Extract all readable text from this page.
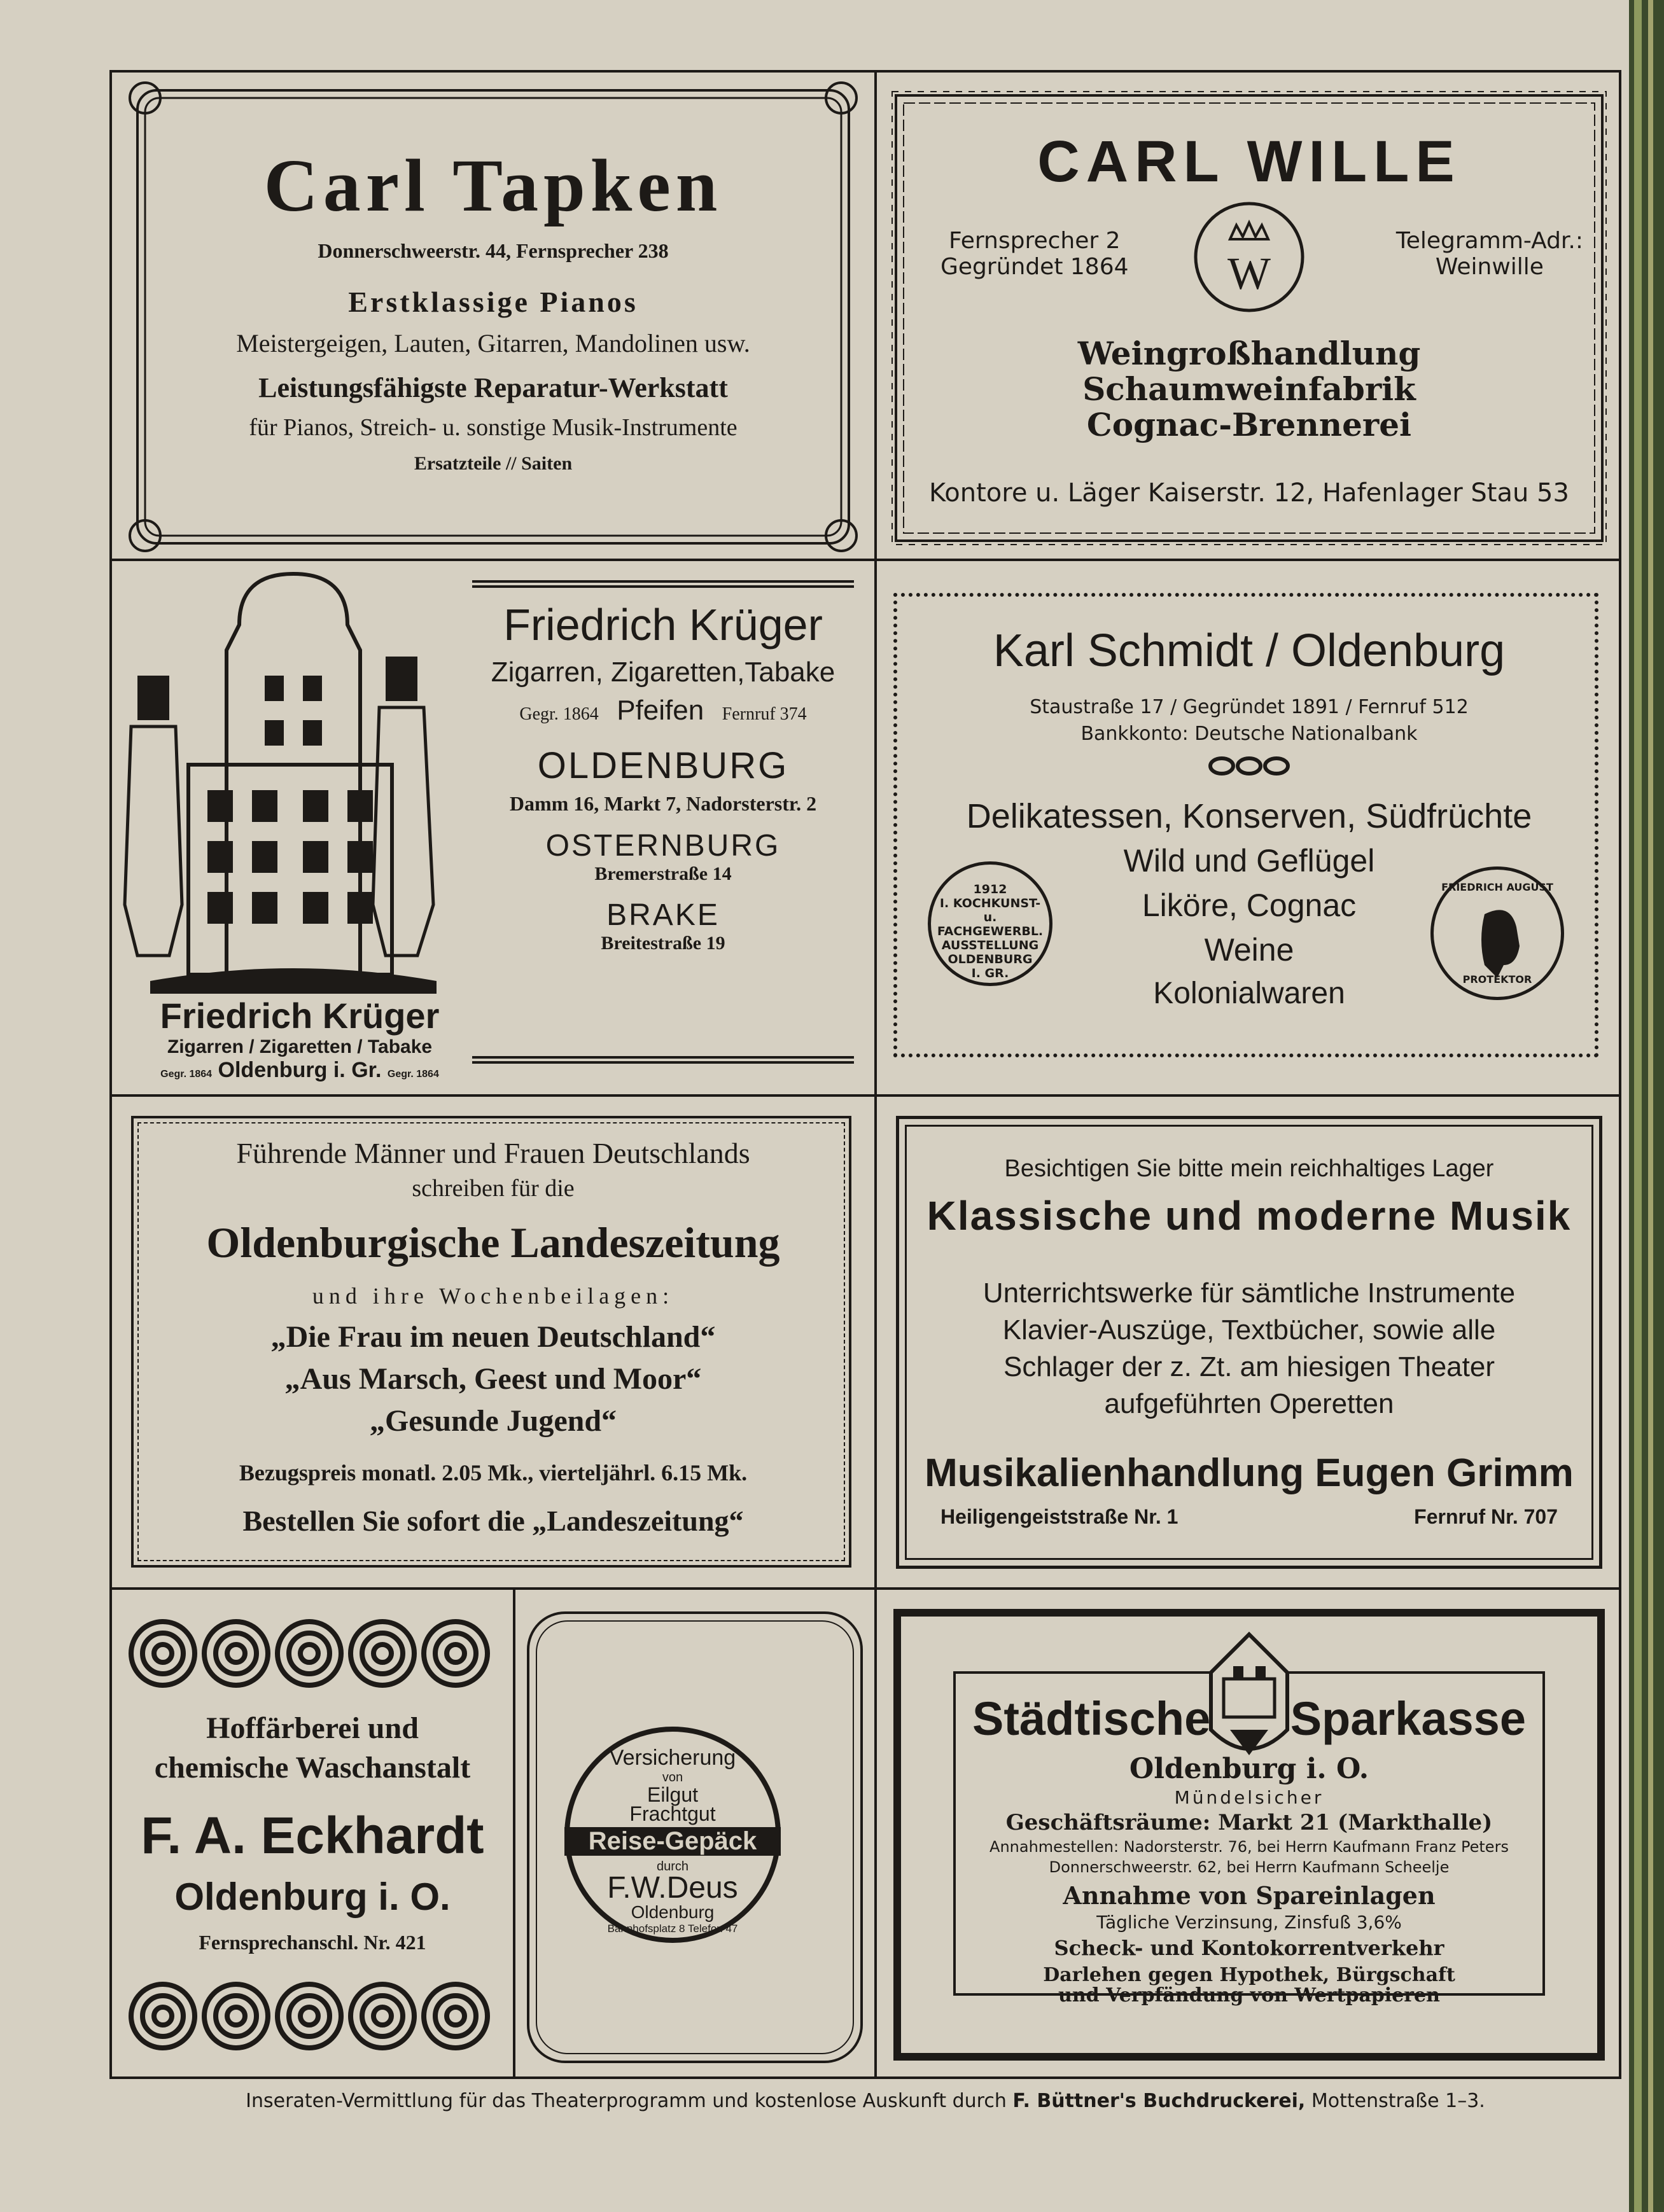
Carl Tapken
Donnerschweerstr. 44, Fernsprecher 238
Erstklassige Pianos
Meistergeigen, Lauten, Gitarren, Mandolinen usw.
Leistungsfähigste Reparatur-Werkstatt
für Pianos, Streich- u. sonstige Musik-Instrumente
Ersatzteile // Saiten
CARL WILLE
Fernsprecher 2
Gegründet 1864 W
Telegramm-Adr.:
Weinwille
Weingroßhandlung
Schaumweinfabrik
Cognac-Brennerei
Kontore u. Läger Kaiserstr. 12, Hafenlager Stau 53
Friedrich Krüger
Zigarren / Zigaretten / Tabake
Gegr. 1864 Oldenburg i. Gr. Gegr. 1864
Friedrich Krüger
Zigarren, Zigaretten,Tabake
Gegr. 1864 Pfeifen Fernruf 374
OLDENBURG
Damm 16, Markt 7, Nadorsterstr. 2
OSTERNBURG
Bremerstraße 14
BRAKE
Breitestraße 19
Karl Schmidt / Oldenburg
Staustraße 17 / Gegründet 1891 / Fernruf 512
Bankkonto: Deutsche Nationalbank
Delikatessen, Konserven, Südfrüchte
Wild und Geflügel
Liköre, Cognac
Weine
Kolonialwaren
1912
I. KOCHKUNST-
u. FACHGEWERBL.
AUSSTELLUNG
OLDENBURG
I. GR.
FRIEDRICH AUGUST
PROTEKTOR
Führende Männer und Frauen Deutschlands
schreiben für die
Oldenburgische Landeszeitung
und ihre Wochenbeilagen:
„Die Frau im neuen Deutschland“
„Aus Marsch, Geest und Moor“
„Gesunde Jugend“
Bezugspreis monatl. 2.05 Mk., vierteljährl. 6.15 Mk.
Bestellen Sie sofort die „Landeszeitung“
Besichtigen Sie bitte mein reichhaltiges Lager
Klassische und moderne Musik
Unterrichtswerke für sämtliche Instrumente
Klavier-Auszüge, Textbücher, sowie alle
Schlager der z. Zt. am hiesigen Theater
aufgeführten Operetten
Musikalienhandlung Eugen Grimm
Heiligengeiststraße Nr. 1	Fernruf Nr. 707
Hoffärberei und
chemische Waschanstalt
F. A. Eckhardt
Oldenburg i. O.
Fernsprechanschl. Nr. 421
Versicherung
von
Eilgut
Frachtgut
Reise-Gepäck
durch
F.W.Deus
Oldenburg
Bahnhofsplatz 8 Telefon 47
Städtische Sparkasse
Oldenburg i. O.
Mündelsicher
Geschäftsräume: Markt 21 (Markthalle)
Annahmestellen: Nadorsterstr. 76, bei Herrn Kaufmann Franz Peters
Donnerschweerstr. 62, bei Herrn Kaufmann Scheelje
Annahme von Spareinlagen
Tägliche Verzinsung, Zinsfuß 3,6%
Scheck- und Kontokorrentverkehr
Darlehen gegen Hypothek, Bürgschaft
und Verpfändung von Wertpapieren
Inseraten-Vermittlung für das Theaterprogramm und kostenlose Auskunft durch F. Büttner's Buchdruckerei, Mottenstraße 1–3.
